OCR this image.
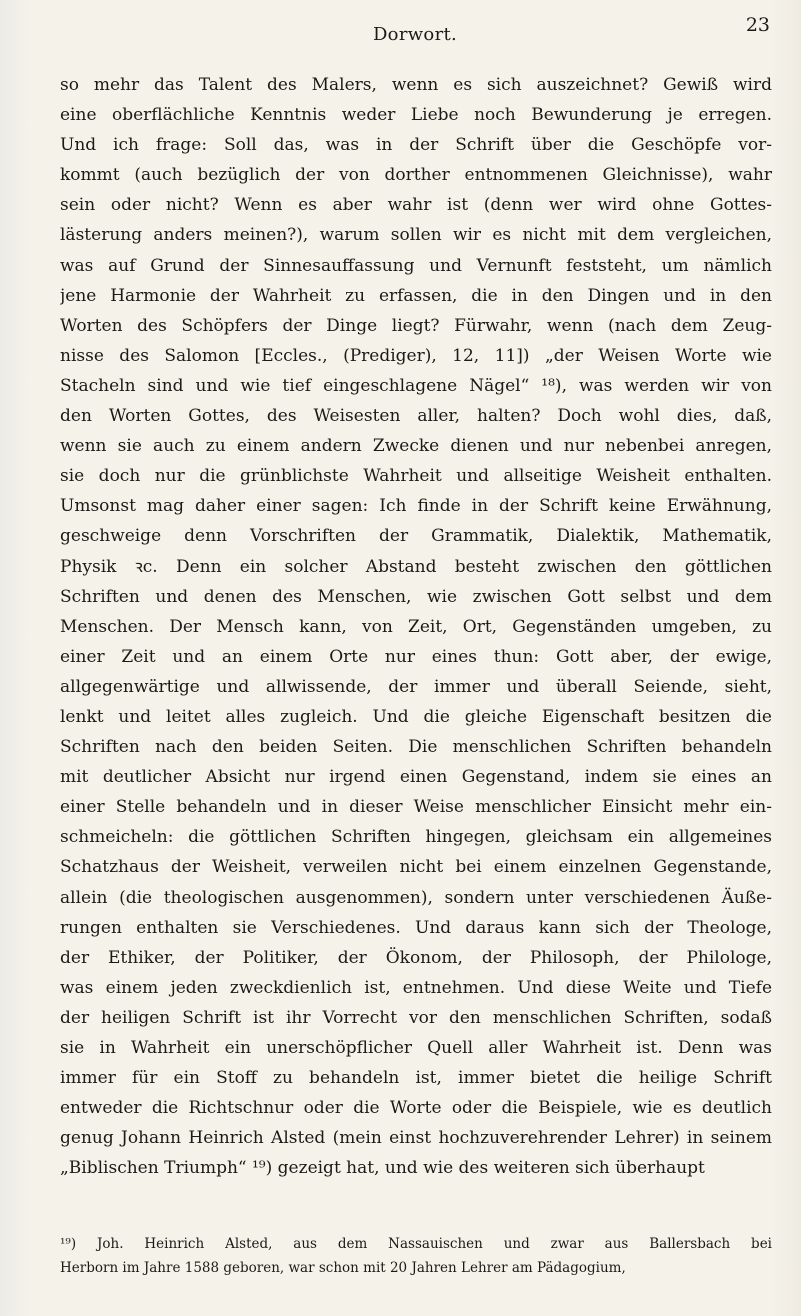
Dorwort.	23
so mehr das Talent des Malers, wenn es sich auszeichnet? Gewiß wird
eine oberflächliche Kenntnis weder Liebe noch Bewunderung je erregen.
Und ich frage: Soll das, was in der Schrift über die Geschöpfe vor-
kommt (auch bezüglich der von dorther entnommenen Gleichnisse), wahr
sein oder nicht? Wenn es aber wahr ist (denn wer wird ohne Gottes-
lästerung anders meinen?), warum sollen wir es nicht mit dem vergleichen,
was auf Grund der Sinnesauffassung und Vernunft feststeht, um nämlich
jene Harmonie der Wahrheit zu erfassen, die in den Dingen und in den
Worten des Schöpfers der Dinge liegt? Fürwahr, wenn (nach dem Zeug-
nisse des Salomon [Eccles., (Prediger), 12, 11]) „der Weisen Worte wie
Stacheln sind und wie tief eingeschlagene Nägel“ ¹⁸), was werden wir von
den Worten Gottes, des Weisesten aller, halten? Doch wohl dies, daß,
wenn sie auch zu einem andern Zwecke dienen und nur nebenbei anregen,
sie doch nur die grünblichste Wahrheit und allseitige Weisheit enthalten.
Umsonst mag daher einer sagen: Ich finde in der Schrift keine Erwähnung,
geschweige denn Vorschriften der Grammatik, Dialektik, Mathematik,
Physik ꝛc. Denn ein solcher Abstand besteht zwischen den göttlichen
Schriften und denen des Menschen, wie zwischen Gott selbst und dem
Menschen. Der Mensch kann, von Zeit, Ort, Gegenständen umgeben, zu
einer Zeit und an einem Orte nur eines thun: Gott aber, der ewige,
allgegenwärtige und allwissende, der immer und überall Seiende, sieht,
lenkt und leitet alles zugleich. Und die gleiche Eigenschaft besitzen die
Schriften nach den beiden Seiten. Die menschlichen Schriften behandeln
mit deutlicher Absicht nur irgend einen Gegenstand, indem sie eines an
einer Stelle behandeln und in dieser Weise menschlicher Einsicht mehr ein-
schmeicheln: die göttlichen Schriften hingegen, gleichsam ein allgemeines
Schatzhaus der Weisheit, verweilen nicht bei einem einzelnen Gegenstande,
allein (die theologischen ausgenommen), sondern unter verschiedenen Äuße-
rungen enthalten sie Verschiedenes. Und daraus kann sich der Theologe,
der Ethiker, der Politiker, der Ökonom, der Philosoph, der Philologe,
was einem jeden zweckdienlich ist, entnehmen. Und diese Weite und Tiefe
der heiligen Schrift ist ihr Vorrecht vor den menschlichen Schriften, sodaß
sie in Wahrheit ein unerschöpflicher Quell aller Wahrheit ist. Denn was
immer für ein Stoff zu behandeln ist, immer bietet die heilige Schrift
entweder die Richtschnur oder die Worte oder die Beispiele, wie es deutlich
genug Johann Heinrich Alsted (mein einst hochzuverehrender Lehrer) in seinem
„Biblischen Triumph“ ¹⁹) gezeigt hat, und wie des weiteren sich überhaupt
¹⁹) Joh. Heinrich Alsted, aus dem Nassauischen und zwar aus Ballersbach bei
Herborn im Jahre 1588 geboren, war schon mit 20 Jahren Lehrer am Pädagogium,
